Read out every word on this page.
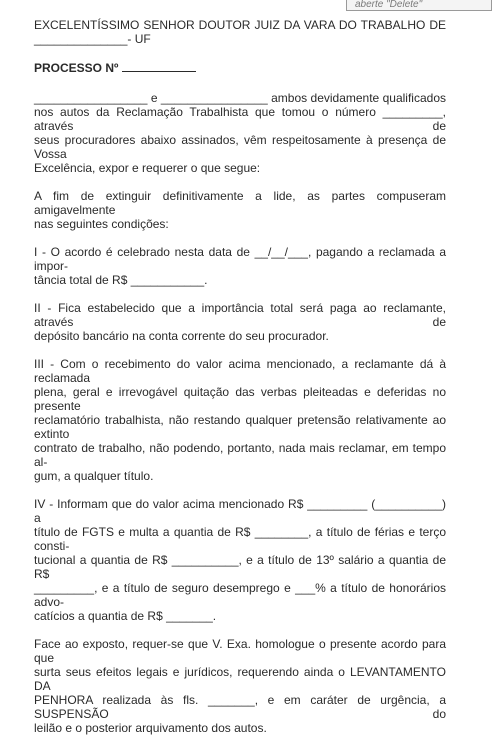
aberte "Delete"
EXCELENTÍSSIMO SENHOR DOUTOR JUIZ DA VARA DO TRABALHO DE
______________- UF
PROCESSO Nº
_________________ e ________________ ambos devidamente qualificados
nos autos da Reclamação Trabalhista que tomou o número _________, através de
seus procuradores abaixo assinados, vêm respeitosamente à presença de Vossa
Excelência, expor e requerer o que segue:
A fim de extinguir definitivamente a lide, as partes compuseram amigavelmente
nas seguintes condições:
I - O acordo é celebrado nesta data de __/__/___, pagando a reclamada a impor-
tância total de R$ ___________.
II - Fica estabelecido que a importância total será paga ao reclamante, através de
depósito bancário na conta corrente do seu procurador.
III - Com o recebimento do valor acima mencionado, a reclamante dá à reclamada
plena, geral e irrevogável quitação das verbas pleiteadas e deferidas no presente
reclamatório trabalhista, não restando qualquer pretensão relativamente ao extinto
contrato de trabalho, não podendo, portanto, nada mais reclamar, em tempo al-
gum, a qualquer título.
IV - Informam que do valor acima mencionado R$ _________ (__________) a
título de FGTS e multa a quantia de R$ ________, a título de férias e terço consti-
tucional a quantia de R$ __________, e a título de 13º salário a quantia de R$
_________, e a título de seguro desemprego e ___% a título de honorários advo-
catícios a quantia de R$ _______.
Face ao exposto, requer-se que V. Exa. homologue o presente acordo para que
surta seus efeitos legais e jurídicos, requerendo ainda o LEVANTAMENTO DA
PENHORA realizada às fls. _______, e em caráter de urgência, a SUSPENSÃO do
leilão e o posterior arquivamento dos autos.
